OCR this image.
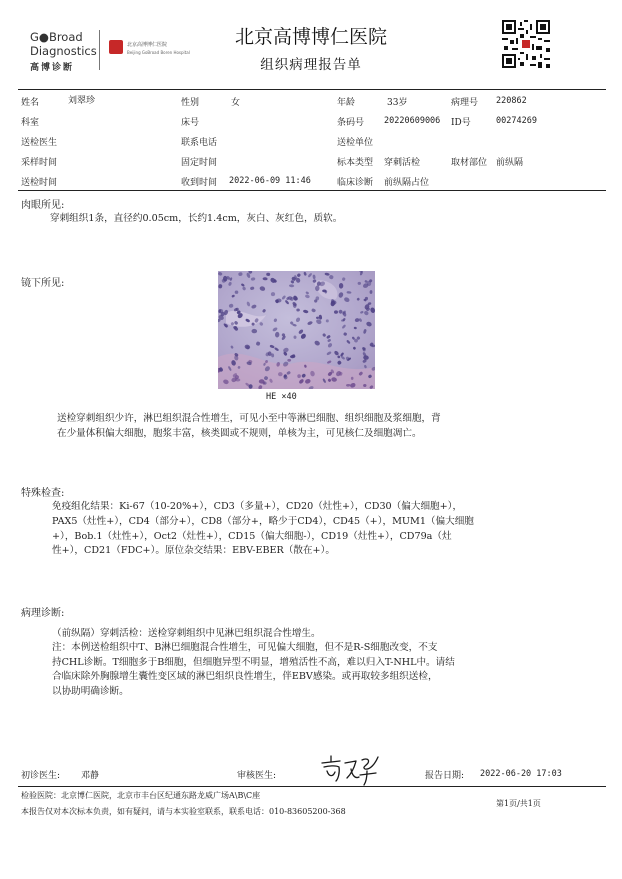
G●Broad
Diagnostics
高博诊断
北京高博博仁医院
Beijing GoBroad Boren Hospital
北京高博博仁医院
组织病理报告单
姓名	刘翠珍	性别	女	年龄	33岁	病理号 220862
科室	床号	条码号 20220609006 ID号	00274269
送检医生	联系电话	送检单位
采样时间	固定时间	标本类型 穿刺活检	取材部位 前纵隔
送检时间	收到时间 2022-06-09 11:46	临床诊断 前纵隔占位
肉眼所见:
穿刺组织1条，直径约0.05cm，长约1.4cm，灰白、灰红色，质软。
镜下所见:
HE ×40
送检穿刺组织少许，淋巴组织混合性增生，可见小至中等淋巴细胞、组织细胞及浆细胞，背
在少量体积偏大细胞，胞浆丰富，核类圆或不规则，单核为主，可见核仁及细胞凋亡。
特殊检查:
免疫组化结果：Ki-67（10-20%+），CD3（多量+），CD20（灶性+），CD30（偏大细胞+），
PAX5（灶性+），CD4（部分+），CD8（部分+，略少于CD4），CD45（+），MUM1（偏大细胞
+），Bob.1（灶性+），Oct2（灶性+），CD15（偏大细胞-），CD19（灶性+），CD79a（灶
性+），CD21（FDC+）。原位杂交结果：EBV-EBER（散在+）。
病理诊断:
（前纵隔）穿刺活检：送检穿刺组织中见淋巴组织混合性增生。
注：本例送检组织中T、B淋巴细胞混合性增生，可见偏大细胞，但不是R-S细胞改变，不支
持CHL诊断。T细胞多于B细胞，但细胞异型不明显，增殖活性不高，难以归入T-NHL中。请结
合临床除外胸腺增生囊性变区域的淋巴组织良性增生，伴EBV感染。或再取较多组织送检，
以协助明确诊断。
初诊医生: 邓静	审核医生:	报告日期: 2022-06-20 17:03
检验医院：北京博仁医院，北京市丰台区纪通东路龙威广场A\B\C座
第1页/共1页
本报告仅对本次标本负责，如有疑问，请与本实验室联系，联系电话：010-83605200-368
